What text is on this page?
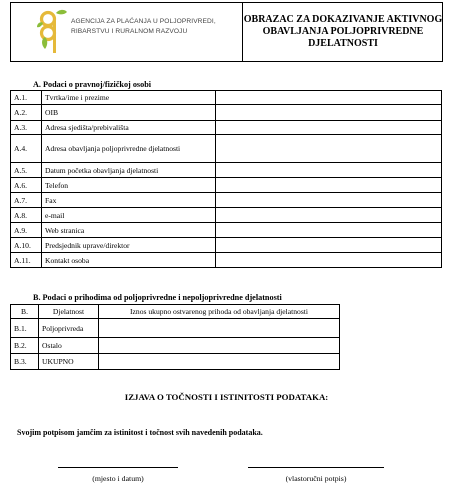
AGENCIJA ZA PLAĆANJA U POLJOPRIVREDI,
RIBARSTVU I RURALNOM RAZVOJU
OBRAZAC ZA DOKAZIVANJE AKTIVNOG
OBAVLJANJA POLJOPRIVREDNE
DJELATNOSTI
A. Podaci o pravnoj/fizičkoj osobi
A.1.	Tvrtka/ime i prezime	
A.2.	OIB	
A.3.	Adresa sjedišta/prebivališta	
A.4.	Adresa obavljanja poljoprivredne djelatnosti	
A.5.	Datum početka obavljanja djelatnosti	
A.6.	Telefon	
A.7.	Fax	
A.8.	e-mail	
A.9.	Web stranica	
A.10.	Predsjednik uprave/direktor	
A.11.	Kontakt osoba	
B. Podaci o prihodima od poljoprivredne i nepoljoprivredne djelatnosti
B.	Djelatnost	Iznos ukupno ostvarenog prihoda od obavljanja djelatnosti
B.1.	Poljoprivreda	
B.2.	Ostalo	
B.3.	UKUPNO	
IZJAVA O TOČNOSTI I ISTINITOSTI PODATAKA:
Svojim potpisom jamčim za istinitost i točnost svih navedenih podataka.
(mjesto i datum)	(vlastoručni potpis)
